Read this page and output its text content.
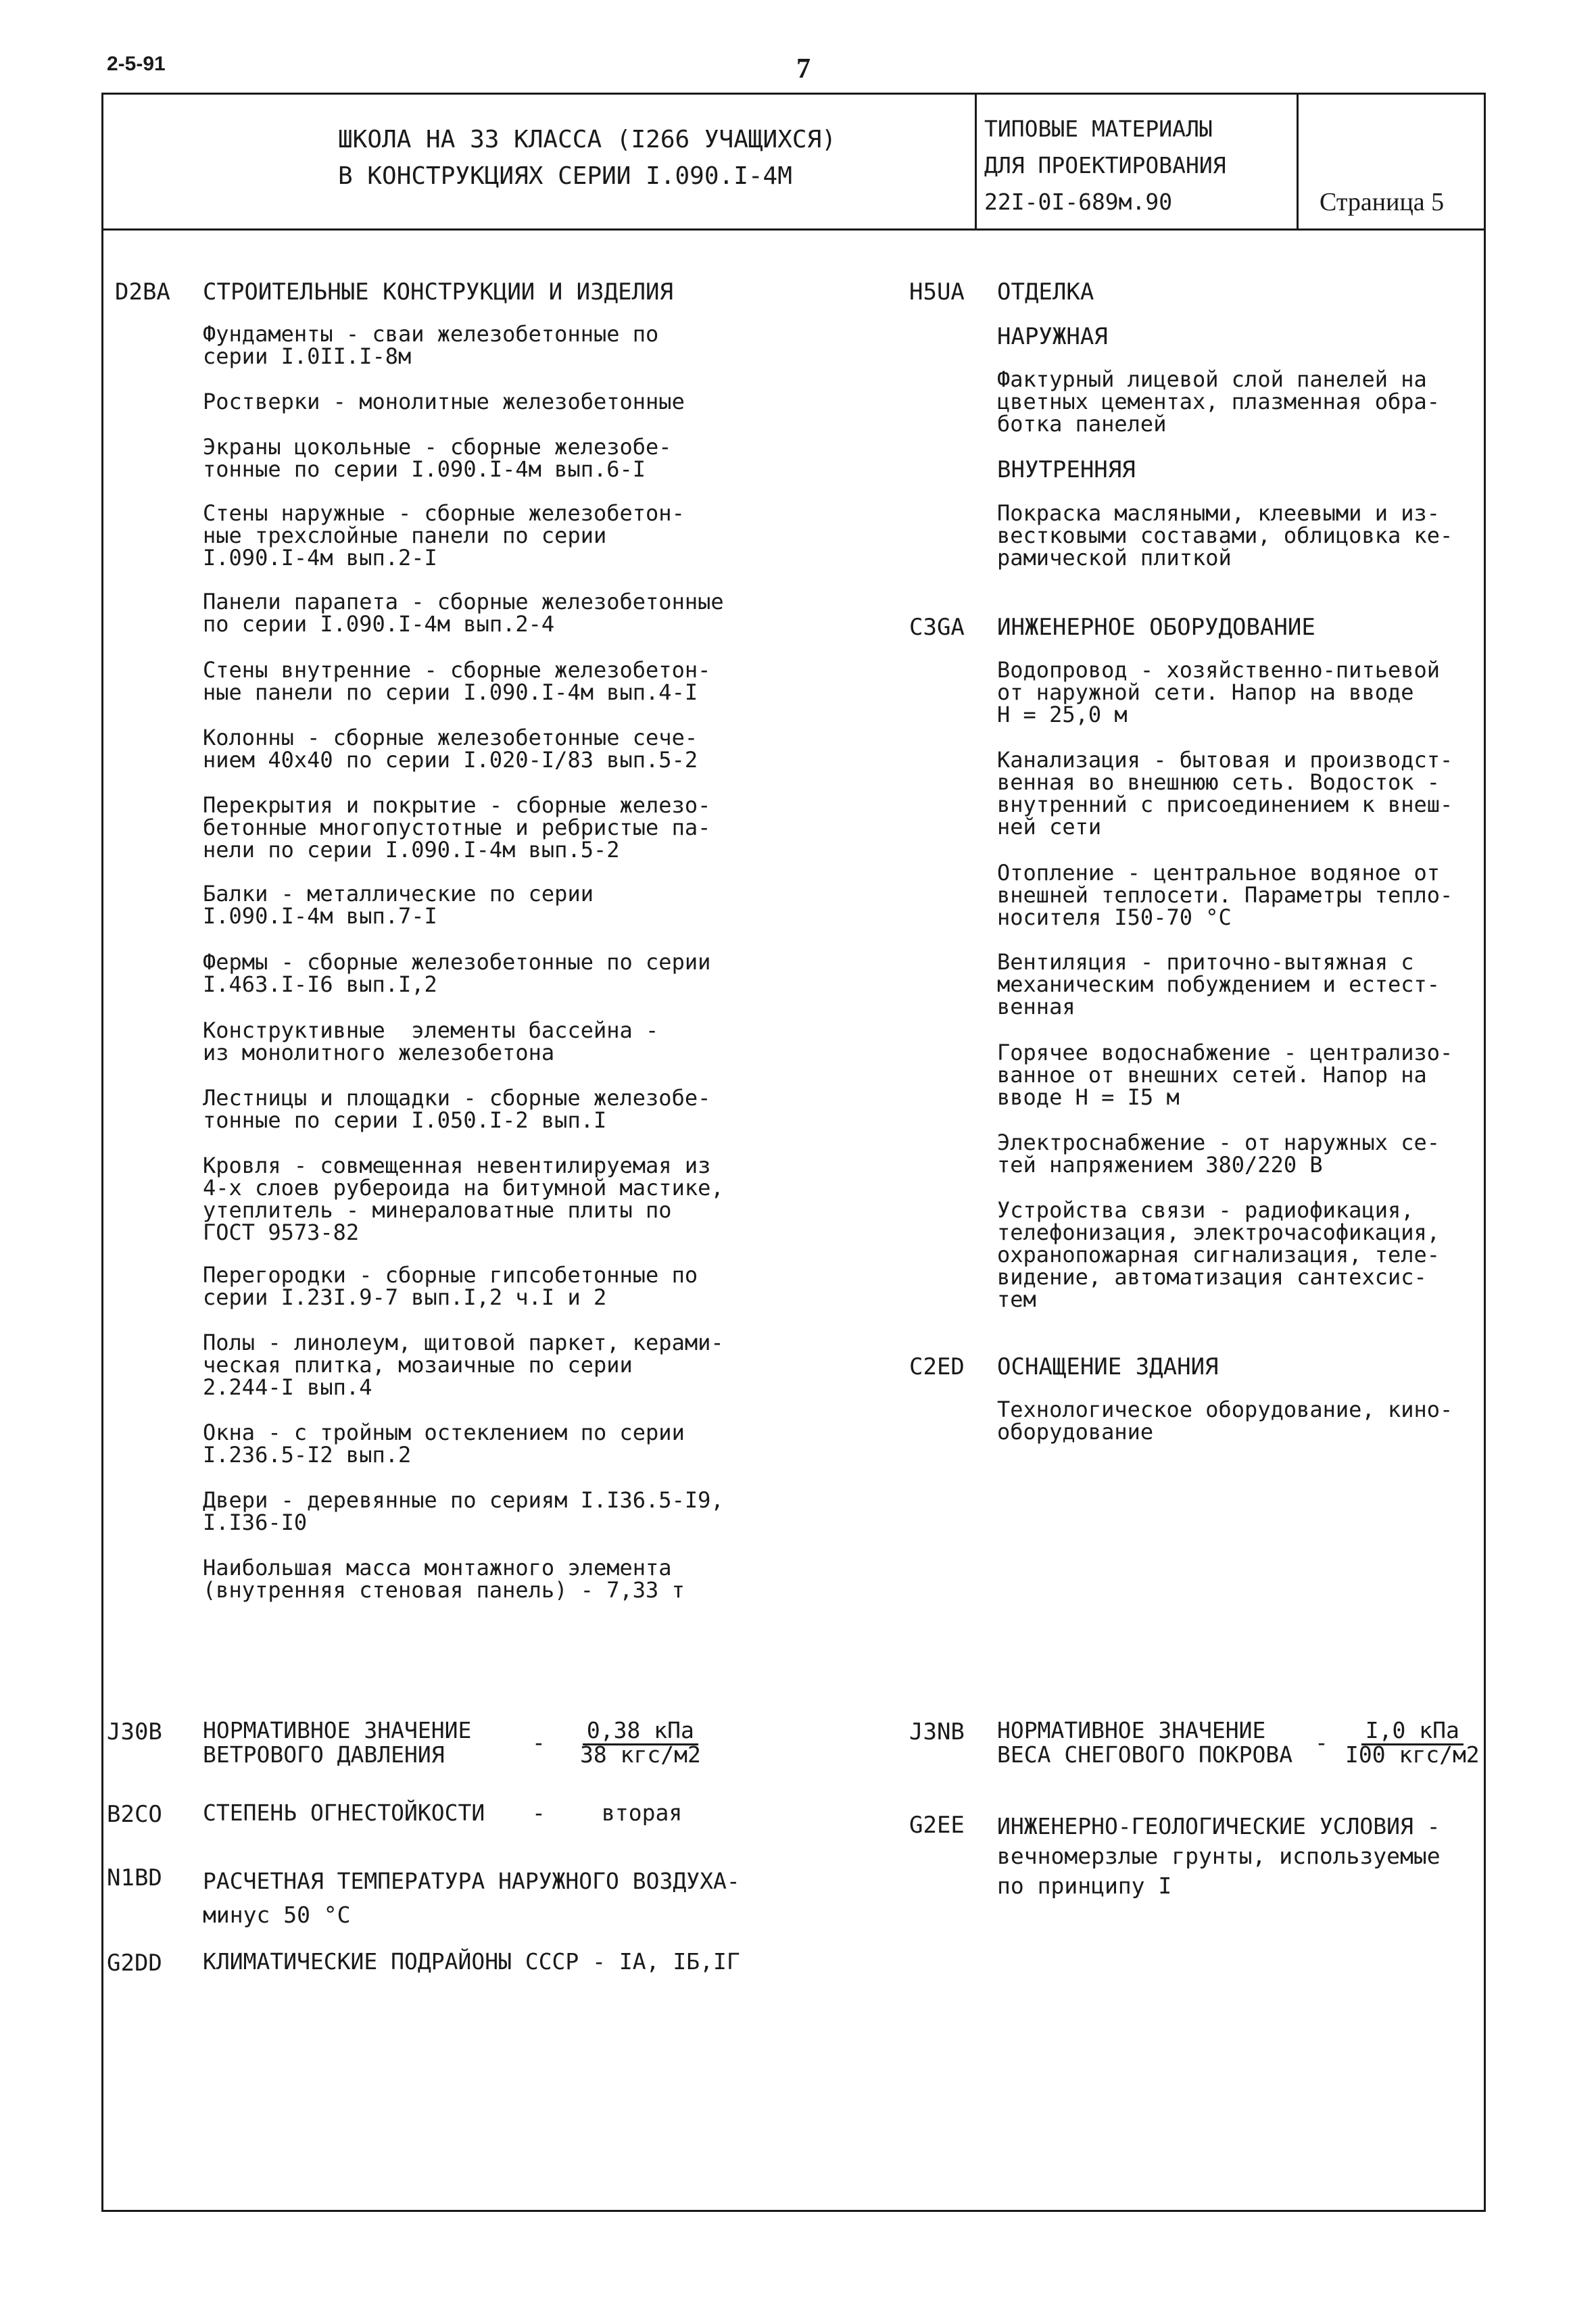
2-5-91	7
ШКОЛА НА 33 КЛАССА (I266 УЧАЩИХСЯ)
В КОНСТРУКЦИЯХ СЕРИИ I.090.I-4М
ТИПОВЫЕ МАТЕРИАЛЫ
ДЛЯ ПРОЕКТИРОВАНИЯ
22I-0I-689м.90	Страница 5
D2BA СТРОИТЕЛЬНЫЕ КОНСТРУКЦИИ И ИЗДЕЛИЯ
Фундаменты - сваи железобетонные по
серии I.0II.I-8м
Ростверки - монолитные железобетонные
Экраны цокольные - сборные железобе-
тонные по серии I.090.I-4м вып.6-I
Стены наружные - сборные железобетон-
ные трехслойные панели по серии
I.090.I-4м вып.2-I
Панели парапета - сборные железобетонные
по серии I.090.I-4м вып.2-4
Стены внутренние - сборные железобетон-
ные панели по серии I.090.I-4м вып.4-I
Колонны - сборные железобетонные сече-
нием 40х40 по серии I.020-I/83 вып.5-2
Перекрытия и покрытие - сборные железо-
бетонные многопустотные и ребристые па-
нели по серии I.090.I-4м вып.5-2
Балки - металлические по серии
I.090.I-4м вып.7-I
Фермы - сборные железобетонные по серии
I.463.I-I6 вып.I,2
Конструктивные  элементы бассейна -
из монолитного железобетона
Лестницы и площадки - сборные железобе-
тонные по серии I.050.I-2 вып.I
Кровля - совмещенная невентилируемая из
4-х слоев рубероида на битумной мастике,
утеплитель - минераловатные плиты по
ГОСТ 9573-82
Перегородки - сборные гипсобетонные по
серии I.23I.9-7 вып.I,2 ч.I и 2
Полы - линолеум, щитовой паркет, керами-
ческая плитка, мозаичные по серии
2.244-I вып.4
Окна - с тройным остеклением по серии
I.236.5-I2 вып.2
Двери - деревянные по сериям I.I36.5-I9,
I.I36-I0
Наибольшая масса монтажного элемента
(внутренняя стеновая панель) - 7,33 т
H5UA ОТДЕЛКА
НАРУЖНАЯ
Фактурный лицевой слой панелей на
цветных цементах, плазменная обра-
ботка панелей
ВНУТРЕННЯЯ
Покраска масляными, клеевыми и из-
вестковыми составами, облицовка ке-
рамической плиткой
C3GA ИНЖЕНЕРНОЕ ОБОРУДОВАНИЕ
Водопровод - хозяйственно-питьевой
от наружной сети. Напор на вводе
Н = 25,0 м
Канализация - бытовая и производст-
венная во внешнюю сеть. Водосток -
внутренний с присоединением к внеш-
ней сети
Отопление - центральное водяное от
внешней теплосети. Параметры тепло-
носителя I50-70 °С
Вентиляция - приточно-вытяжная с
механическим побуждением и естест-
венная
Горячее водоснабжение - централизо-
ванное от внешних сетей. Напор на
вводе Н = I5 м
Электроснабжение - от наружных се-
тей напряжением 380/220 В
Устройства связи - радиофикация,
телефонизация, электрочасофикация,
охранопожарная сигнализация, теле-
видение, автоматизация сантехсис-
тем
C2ED ОСНАЩЕНИЕ ЗДАНИЯ
Технологическое оборудование, кино-
оборудование
J30B НОРМАТИВНОЕ ЗНАЧЕНИЕ
ВЕТРОВОГО ДАВЛЕНИЯ	-	0,38 кПа
38 кгс/м2
J3NB НОРМАТИВНОЕ ЗНАЧЕНИЕ
ВЕСА СНЕГОВОГО ПОКРОВА -	I,0 кПа
I00 кгс/м2
B2CO СТЕПЕНЬ ОГНЕСТОЙКОСТИ -	вторая	G2EE ИНЖЕНЕРНО-ГЕОЛОГИЧЕСКИЕ УСЛОВИЯ -
вечномерзлые грунты, используемые
по принципу I
N1BD РАСЧЕТНАЯ ТЕМПЕРАТУРА НАРУЖНОГО ВОЗДУХА-
минус 50 °С
G2DD КЛИМАТИЧЕСКИЕ ПОДРАЙОНЫ СССР - IА, IБ,IГ
